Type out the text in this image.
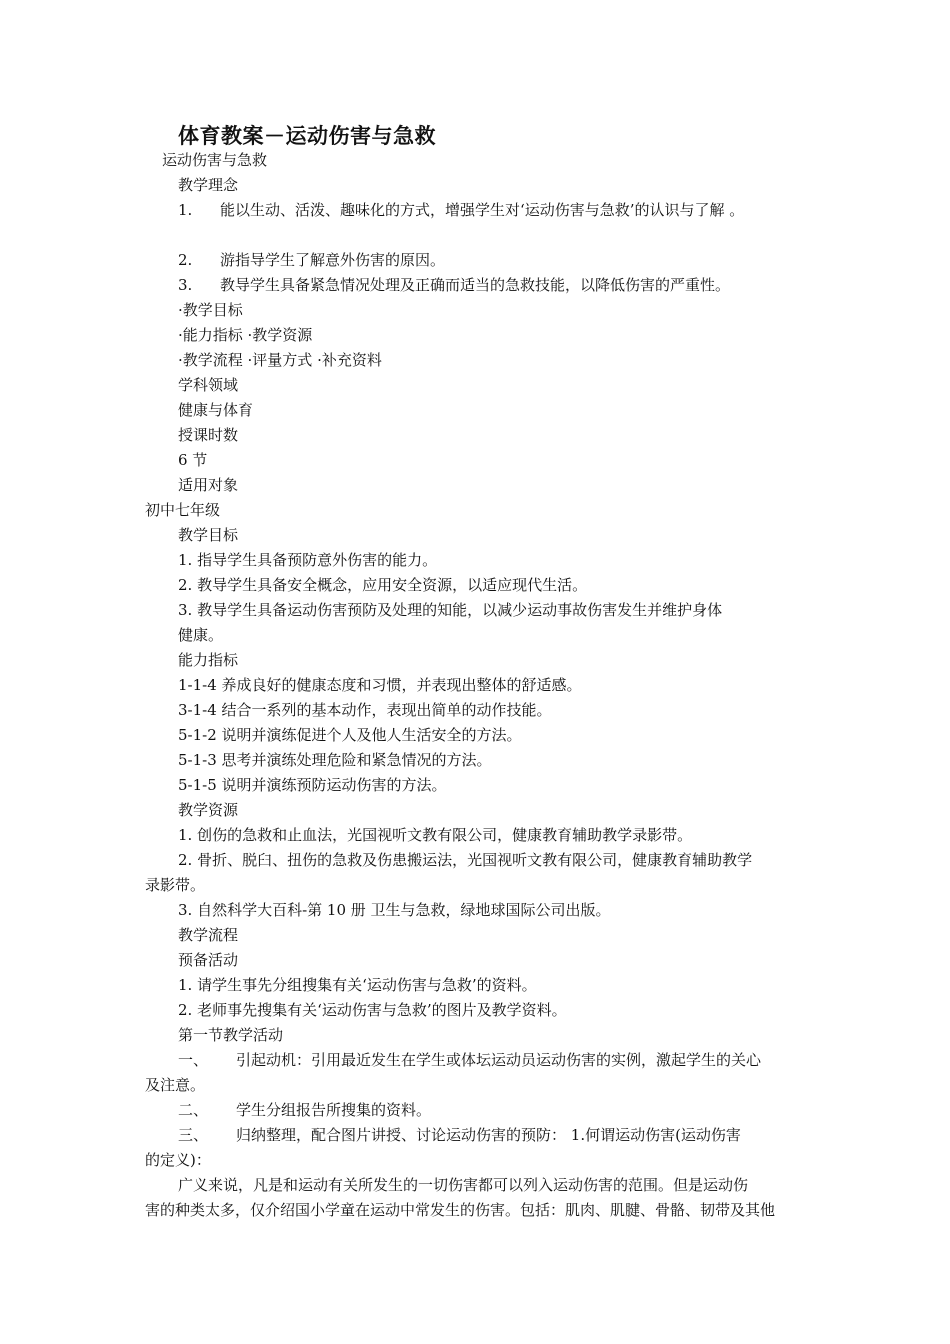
体育教案－运动伤害与急救
运动伤害与急救
教学理念
1. 能以生动、活泼、趣味化的方式，增强学生对‘运动伤害与急救’的认识与了解 。
2. 游指导学生了解意外伤害的原因。
3. 教导学生具备紧急情况处理及正确而适当的急救技能，以降低伤害的严重性。
·教学目标
·能力指标 ·教学资源
·教学流程 ·评量方式 ·补充资料
学科领域
健康与体育
授课时数
6 节
适用对象
初中七年级
教学目标
1. 指导学生具备预防意外伤害的能力。
2. 教导学生具备安全概念，应用安全资源，以适应现代生活。
3. 教导学生具备运动伤害预防及处理的知能，以减少运动事故伤害发生并维护身体
健康。
能力指标
1-1-4 养成良好的健康态度和习惯，并表现出整体的舒适感。
3-1-4 结合一系列的基本动作，表现出简单的动作技能。
5-1-2 说明并演练促进个人及他人生活安全的方法。
5-1-3 思考并演练处理危险和紧急情况的方法。
5-1-5 说明并演练预防运动伤害的方法。
教学资源
1. 创伤的急救和止血法，光国视听文教有限公司，健康教育辅助教学录影带。
2. 骨折、脱臼、扭伤的急救及伤患搬运法，光国视听文教有限公司，健康教育辅助教学
录影带。
3. 自然科学大百科-第 10 册 卫生与急救，绿地球国际公司出版。
教学流程
预备活动
1. 请学生事先分组搜集有关‘运动伤害与急救’的资料。
2. 老师事先搜集有关‘运动伤害与急救’的图片及教学资料。
第一节教学活动
一、 引起动机：引用最近发生在学生或体坛运动员运动伤害的实例，激起学生的关心
及注意。
二、 学生分组报告所搜集的资料。
三、 归纳整理，配合图片讲授、讨论运动伤害的预防： 1.何谓运动伤害(运动伤害
的定义)：
广义来说，凡是和运动有关所发生的一切伤害都可以列入运动伤害的范围。但是运动伤
害的种类太多，仅介绍国小学童在运动中常发生的伤害。包括：肌肉、肌腱、骨骼、韧带及其他
